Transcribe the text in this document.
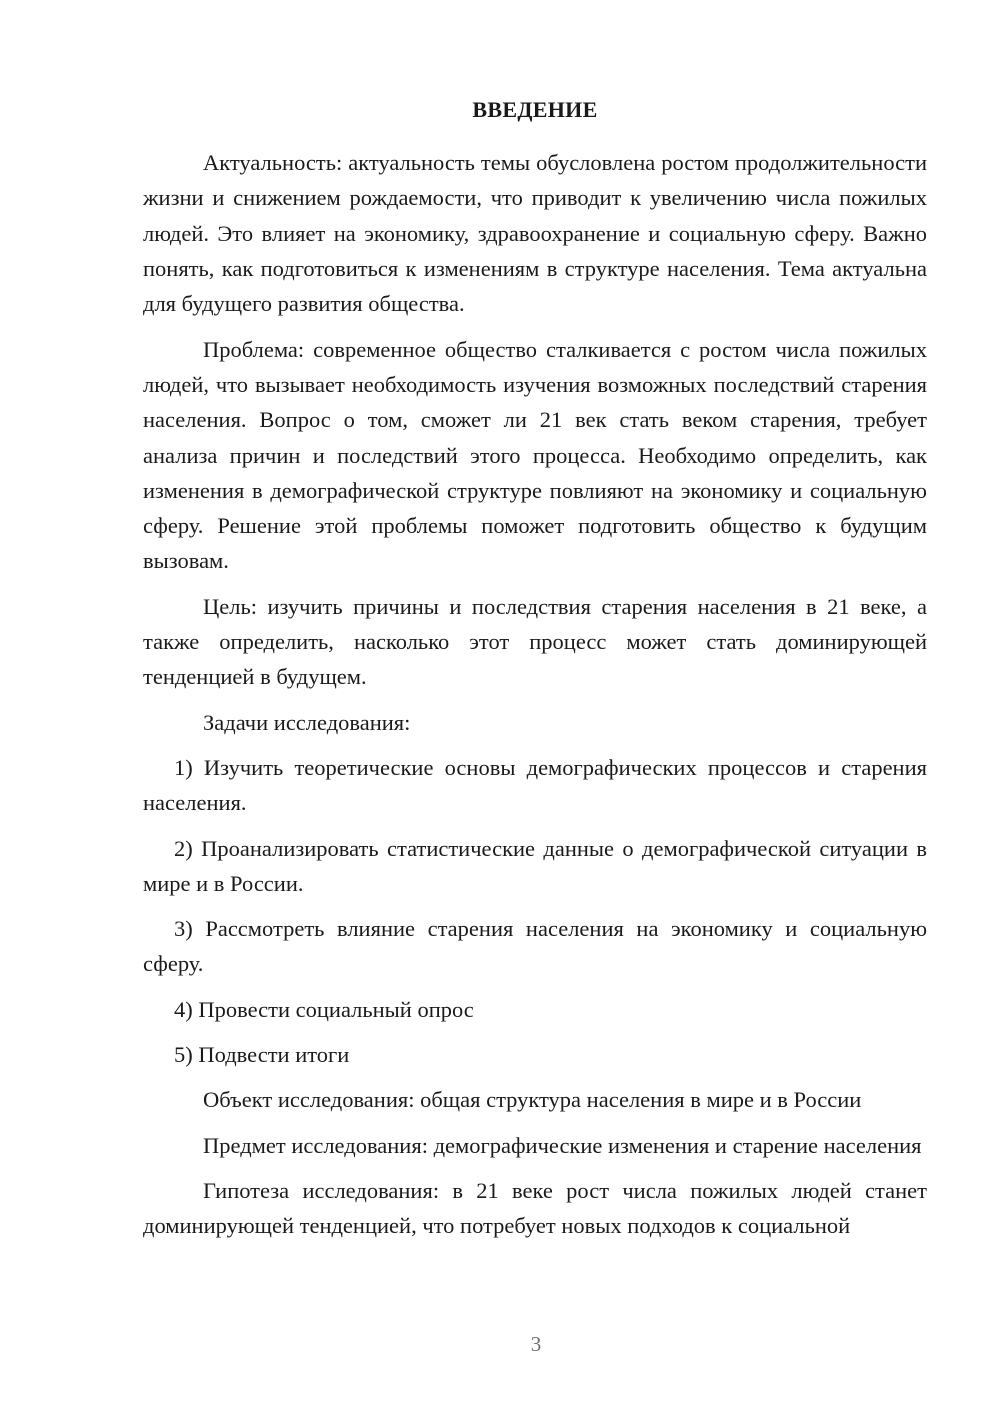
ВВЕДЕНИЕ

Актуальность: актуальность темы обусловлена ростом продолжительности жизни и снижением рождаемости, что приводит к увеличению числа пожилых людей. Это влияет на экономику, здравоохранение и социальную сферу. Важно понять, как подготовиться к изменениям в структуре населения. Тема актуальна для будущего развития общества.

Проблема: современное общество сталкивается с ростом числа пожилых людей, что вызывает необходимость изучения возможных последствий старения населения. Вопрос о том, сможет ли 21 век стать веком старения, требует анализа причин и последствий этого процесса. Необходимо определить, как изменения в демографической структуре повлияют на экономику и социальную сферу. Решение этой проблемы поможет подготовить общество к будущим вызовам.

Цель: изучить причины и последствия старения населения в 21 веке, а также определить, насколько этот процесс может стать доминирующей тенденцией в будущем.

Задачи исследования:

1) Изучить теоретические основы демографических процессов и старения населения.

2) Проанализировать статистические данные о демографической ситуации в мире и в России.

3) Рассмотреть влияние старения населения на экономику и социальную сферу.

4) Провести социальный опрос

5) Подвести итоги

Объект исследования: общая структура населения в мире и в России

Предмет исследования: демографические изменения и старение населения

Гипотеза исследования: в 21 веке рост числа пожилых людей станет доминирующей тенденцией, что потребует новых подходов к социальной

3
